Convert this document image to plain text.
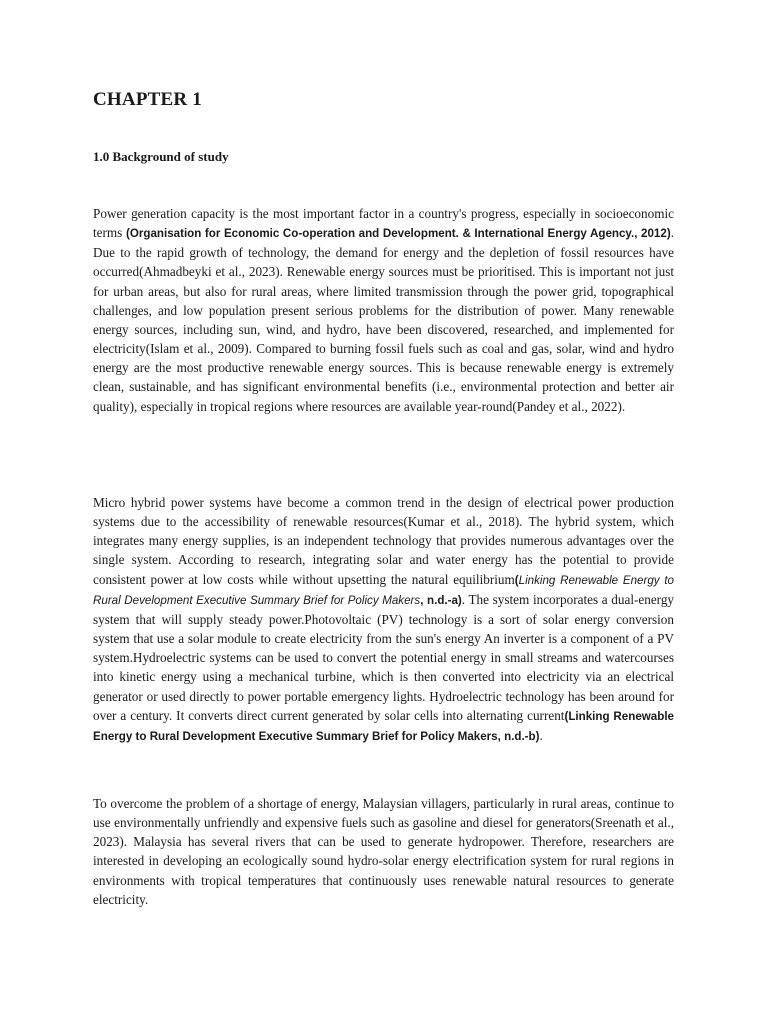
CHAPTER 1
1.0 Background of study

Power generation capacity is the most important factor in a country's progress, especially in socioeconomic terms (Organisation for Economic Co-operation and Development. & International Energy Agency., 2012). Due to the rapid growth of technology, the demand for energy and the depletion of fossil resources have occurred(Ahmadbeyki et al., 2023). Renewable energy sources must be prioritised. This is important not just for urban areas, but also for rural areas, where limited transmission through the power grid, topographical challenges, and low population present serious problems for the distribution of power. Many renewable energy sources, including sun, wind, and hydro, have been discovered, researched, and implemented for electricity(Islam et al., 2009). Compared to burning fossil fuels such as coal and gas, solar, wind and hydro energy are the most productive renewable energy sources. This is because renewable energy is extremely clean, sustainable, and has significant environmental benefits (i.e., environmental protection and better air quality), especially in tropical regions where resources are available year-round(Pandey et al., 2022).

Micro hybrid power systems have become a common trend in the design of electrical power production systems due to the accessibility of renewable resources(Kumar et al., 2018). The hybrid system, which integrates many energy supplies, is an independent technology that provides numerous advantages over the single system. According to research, integrating solar and water energy has the potential to provide consistent power at low costs while without upsetting the natural equilibrium(Linking Renewable Energy to Rural Development Executive Summary Brief for Policy Makers, n.d.-a). The system incorporates a dual-energy system that will supply steady power.Photovoltaic (PV) technology is a sort of solar energy conversion system that use a solar module to create electricity from the sun's energy An inverter is a component of a PV system.Hydroelectric systems can be used to convert the potential energy in small streams and watercourses into kinetic energy using a mechanical turbine, which is then converted into electricity via an electrical generator or used directly to power portable emergency lights. Hydroelectric technology has been around for over a century. It converts direct current generated by solar cells into alternating current(Linking Renewable Energy to Rural Development Executive Summary Brief for Policy Makers, n.d.-b).

To overcome the problem of a shortage of energy, Malaysian villagers, particularly in rural areas, continue to use environmentally unfriendly and expensive fuels such as gasoline and diesel for generators(Sreenath et al., 2023). Malaysia has several rivers that can be used to generate hydropower. Therefore, researchers are interested in developing an ecologically sound hydro-solar energy electrification system for rural regions in environments with tropical temperatures that continuously uses renewable natural resources to generate electricity.
